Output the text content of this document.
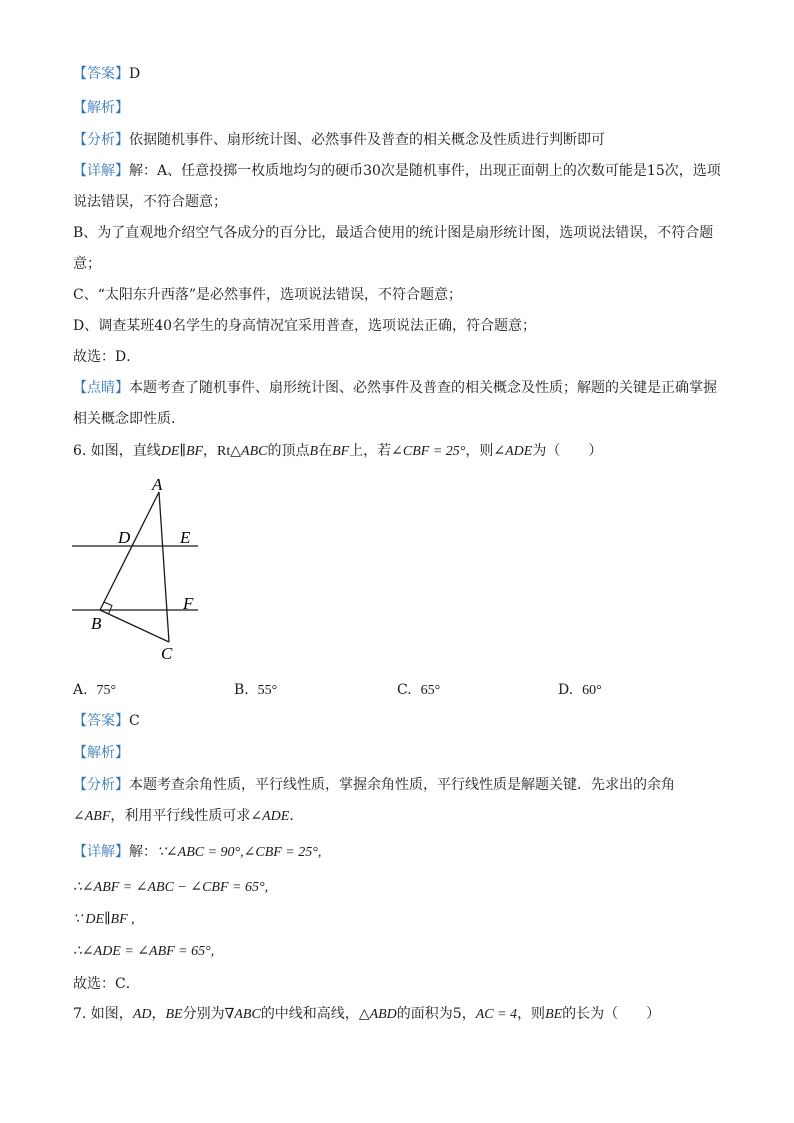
【答案】D
【解析】
【分析】依据随机事件、扇形统计图、必然事件及普查的相关概念及性质进行判断即可
【详解】解：A、任意投掷一枚质地均匀的硬币30次是随机事件，出现正面朝上的次数可能是15次，选项
说法错误，不符合题意；
B、为了直观地介绍空气各成分的百分比，最适合使用的统计图是扇形统计图，选项说法错误，不符合题
意；
C、“太阳东升西落”是必然事件，选项说法错误，不符合题意；
D、调查某班40名学生的身高情况宜采用普查，选项说法正确，符合题意；
故选：D．
【点睛】本题考查了随机事件、扇形统计图、必然事件及普查的相关概念及性质；解题的关键是正确掌握
相关概念即性质．
6. 如图，直线DE∥BF，Rt△ABC的顶点B在BF上，若∠CBF = 25°，则∠ADE为（　　）
A
D	E
F
B
C
A. 75°	B. 55°	C. 65°	D. 60°
【答案】C
【解析】
【分析】本题考查余角性质，平行线性质，掌握余角性质，平行线性质是解题关键．先求出的余角
∠ABF，利用平行线性质可求∠ADE．
【详解】解：∵∠ABC = 90°,∠CBF = 25°,
∴∠ABF = ∠ABC − ∠CBF = 65°,
∵ DE∥BF ,
∴∠ADE = ∠ABF = 65°,
故选：C．
7. 如图，AD，BE分别为∇ABC的中线和高线，△ABD的面积为5，AC = 4，则BE的长为（　　）
